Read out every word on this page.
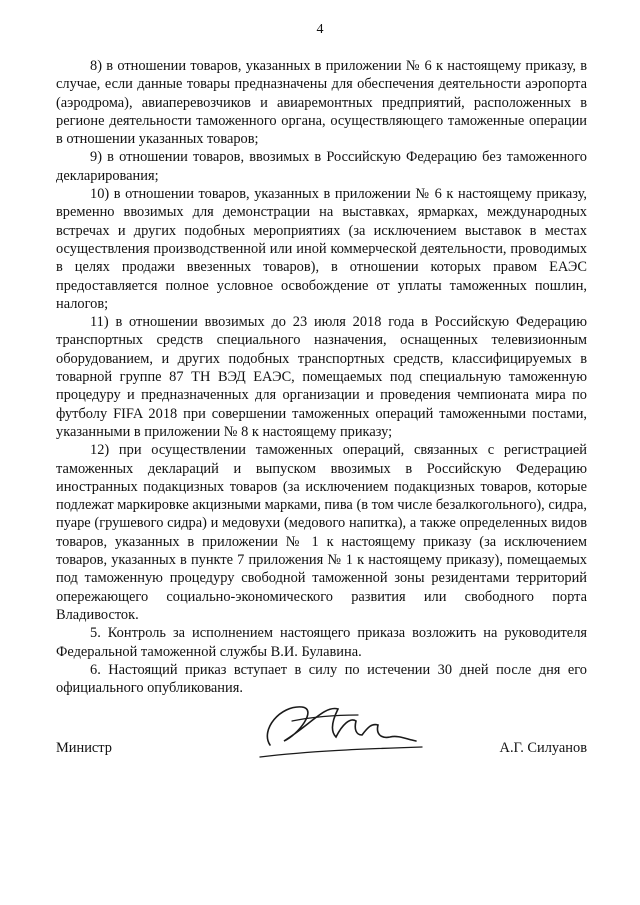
4

8) в отношении товаров, указанных в приложении № 6 к настоящему приказу, в случае, если данные товары предназначены для обеспечения деятельности аэропорта (аэродрома), авиаперевозчиков и авиаремонтных предприятий, расположенных в регионе деятельности таможенного органа, осуществляющего таможенные операции в отношении указанных товаров;

9) в отношении товаров, ввозимых в Российскую Федерацию без таможенного декларирования;

10) в отношении товаров, указанных в приложении № 6 к настоящему приказу, временно ввозимых для демонстрации на выставках, ярмарках, международных встречах и других подобных мероприятиях (за исключением выставок в местах осуществления производственной или иной коммерческой деятельности, проводимых в целях продажи ввезенных товаров), в отношении которых правом ЕАЭС предоставляется полное условное освобождение от уплаты таможенных пошлин, налогов;

11) в отношении ввозимых до 23 июля 2018 года в Российскую Федерацию транспортных средств специального назначения, оснащенных телевизионным оборудованием, и других подобных транспортных средств, классифицируемых в товарной группе 87 ТН ВЭД ЕАЭС, помещаемых под специальную таможенную процедуру и предназначенных для организации и проведения чемпионата мира по футболу FIFA 2018 при совершении таможенных операций таможенными постами, указанными в приложении № 8 к настоящему приказу;

12) при осуществлении таможенных операций, связанных с регистрацией таможенных деклараций и выпуском ввозимых в Российскую Федерацию иностранных подакцизных товаров (за исключением подакцизных товаров, которые подлежат маркировке акцизными марками, пива (в том числе безалкогольного), сидра, пуаре (грушевого сидра) и медовухи (медового напитка), а также определенных видов товаров, указанных в приложении № 1 к настоящему приказу (за исключением товаров, указанных в пункте 7 приложения № 1 к настоящему приказу), помещаемых под таможенную процедуру свободной таможенной зоны резидентами территорий опережающего социально-экономического развития или свободного порта Владивосток.

5. Контроль за исполнением настоящего приказа возложить на руководителя Федеральной таможенной службы В.И. Булавина.

6. Настоящий приказ вступает в силу по истечении 30 дней после дня его официального опубликования.

Министр	А.Г. Силуанов
